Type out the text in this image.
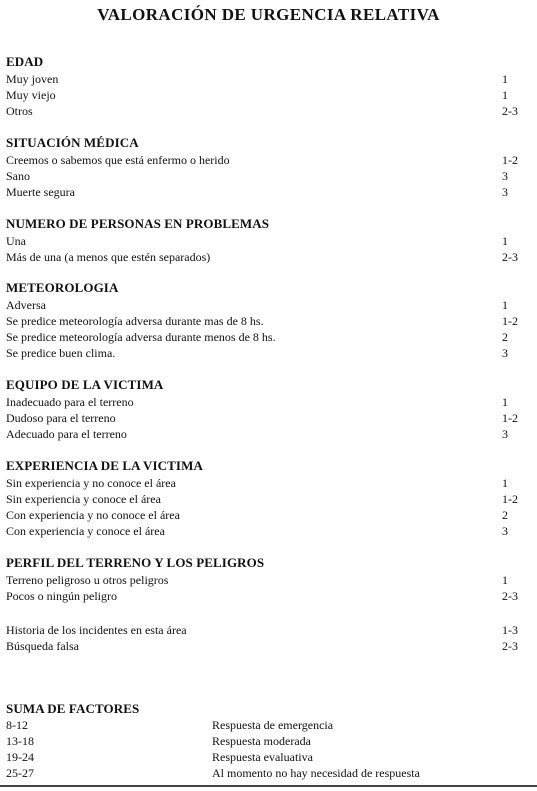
VALORACIÓN DE URGENCIA RELATIVA
EDAD
Muy joven	1
Muy viejo	1
Otros	2-3
SITUACIÓN MÉDICA
Creemos o sabemos que está enfermo o herido	1-2
Sano	3
Muerte segura	3
NUMERO DE PERSONAS EN PROBLEMAS
Una	1
Más de una (a menos que estén separados)	2-3
METEOROLOGIA
Adversa	1
Se predice meteorología adversa durante mas de 8 hs.	1-2
Se predice meteorología adversa durante menos de 8 hs.	2
Se predice buen clima.	3
EQUIPO DE LA VICTIMA
Inadecuado para el terreno	1
Dudoso para el terreno	1-2
Adecuado para el terreno	3
EXPERIENCIA DE LA VICTIMA
Sin experiencia y no conoce el área	1
Sin experiencia y conoce el área	1-2
Con experiencia y no conoce el área	2
Con experiencia y conoce el área	3
PERFIL DEL TERRENO Y LOS PELIGROS
Terreno peligroso u otros peligros	1
Pocos o ningún peligro	2-3
Historia de los incidentes en esta área	1-3
Búsqueda falsa	2-3
SUMA DE FACTORES
8-12	Respuesta de emergencia
13-18	Respuesta moderada
19-24	Respuesta evaluativa
25-27	Al momento no hay necesidad de respuesta
